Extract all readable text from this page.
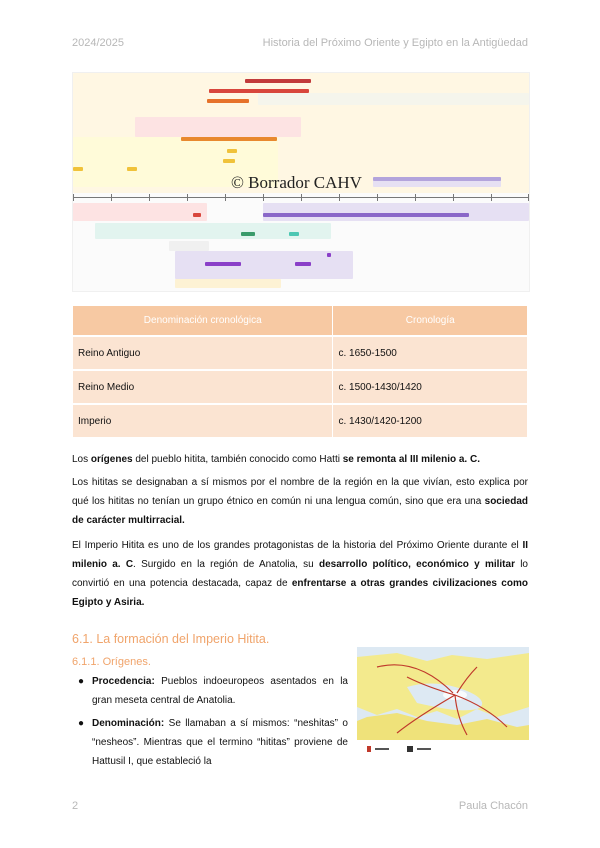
2024/2025	Historia del Próximo Oriente y Egipto en la Antigüedad
© Borrador CAHV
Denominación cronológica	Cronología
Reino Antiguo	c. 1650-1500
Reino Medio	c. 1500-1430/1420
Imperio	c. 1430/1420-1200

Los orígenes del pueblo hitita, también conocido como Hatti se remonta al III milenio a. C.

Los hititas se designaban a sí mismos por el nombre de la región en la que vivían, esto explica por qué los hititas no tenían un grupo étnico en común ni una lengua común, sino que era una sociedad de carácter multirracial.

El Imperio Hitita es uno de los grandes protagonistas de la historia del Próximo Oriente durante el II milenio a. C. Surgido en la región de Anatolia, su desarrollo político, económico y militar lo convirtió en una potencia destacada, capaz de enfrentarse a otras grandes civilizaciones como Egipto y Asiria.

6.1. La formación del Imperio Hitita.
6.1.1. Orígenes.
● Procedencia: Pueblos indoeuropeos asentados en la gran meseta central de Anatolia.
● Denominación: Se llamaban a sí mismos: “neshitas” o “nesheos”. Mientras que el termino “hititas” proviene de Hattusil I, que estableció la
2	Paula Chacón
